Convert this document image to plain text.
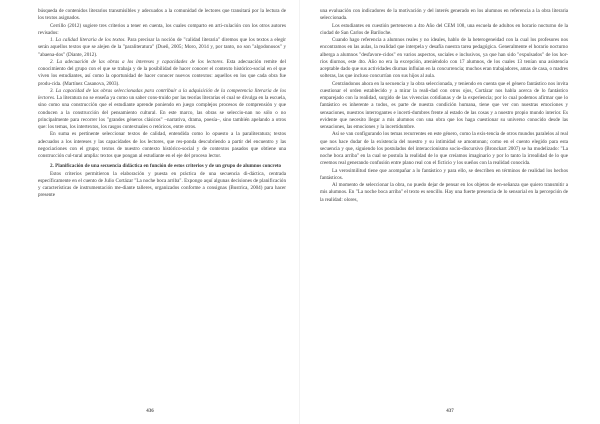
búsqueda de contenidos literarios transmisibles y adecuados a la comunidad de lectores que transitará por la lectura de los textos asignados.

Cerrillo (2012) sugiere tres criterios a tener en cuenta, los cuales comparto en arti-culación con los otros autores revisados:

1. La calidad literaria de los textos. Para precisar la noción de "calidad literaria" diremos que los textos a elegir serán aquellos textos que se alejen de la "paraliteratura" (Dueñ, 2005; Moro, 2014 y, por tanto, no son "algodonosos" y "abaena-dos" (Diante, 2012).

2. La adecuación de las obras a los intereses y capacidades de los lectores. Esta adecuación remite del conocimiento del grupo con el que se trabaja y de la posibilidad de hacer conocer el contexto histórico-social en el que viven los estudiantes, así como la oportunidad de hacer conocer nuevos contextos: aquellos en los que cada obra fue produ-cida. (Martínez Casanova, 2003).

3. La capacidad de las obras seleccionadas para contribuir a la adquisición de la competencia literaria de los lectores. La literatura no se enseña ya como un saber cons-truido por las teorías literarias el cual se divulga en la escuela, sino como una construcción que el estudiante aprende poniendo en juego complejos procesos de comprensión y que conducen a la construcción del pensamiento cultural. En este marco, las obras se seleccio-nan no sólo o no principalmente para recorrer los "grandes géneros clásicos" –narrativa, drama, poesía–, sino también apelando a otros que: los temas, los intertextos, los rasgos contextuales o retóricos, entre otros.

En suma es pertinente seleccionar textos de calidad, entendida como lo opuesto a la paraliteratura; textos adecuados a los intereses y las capacidades de los lectores, que res-ponda descubriendo a partir del encuentro y las negociaciones con el grupo; textos de nuestro contexto histórico-social y de contextos pasados que obtiene una construcción cul-tural amplia: textos que pongan al estudiante en el eje del proceso lector.

2. Planificación de una secuencia didáctica en función de estos criterios y de un grupo de alumnos concreto

Estos criterios permitieron la elaboración y puesta en práctica de una secuencia di-dáctica, centrada específicamente en el cuento de Julio Cortázar "La noche boca arriba". Expongo aquí algunas decisiones de planificación y características de instrumentación me-diante talleres, organizados conforme a consignas (Bustrica, 2004) para hacer presente

436

una evaluación con indicadores de la motivación y del interés generado en los alumnos en referencia a la obra literaria seleccionada.

Los estudiantes en cuestión pertenecen a 4to Año del CEM 108, una escuela de adultos en horario nocturno de la ciudad de San Carlos de Bariloche.

Cuando hago referencia a alumnos reales y no ideales, hablo de la heterogeneidad con la cual los profesores nos encontramos en las aulas, la realidad que interpela y desafía nuestra tarea pedagógica. Generalmente el horario nocturno alberga a alumnos "desfavore-cidos" en varios aspectos, sociales e inclusivos, ya que han sido "expulsados" de los hor-rios diurnos, este 4to. Año no era la excepción, ateniéndolo con 17 alumnos, de los cuales 13 tenían una asistencia aceptable dado que sus actividades diurnas influían en la concurrencia; muchos eran trabajadores, amas de casa, o madres solteras, las que incluso concurrían con sus hijos al aula.

Centrándonos ahora en la secuencia y la obra seleccionada, y teniendo en cuenta que el género fantástico nos invita cuestionar el orden establecido y a mirar la reali-dad con otros ojos, Cortázar nos habla acerca de lo fantástico emparejado con la realidad, surgido de las vivencias cotidianas y de la experiencia; por lo cual podemos afirmar que lo fantástico es inherente a todos, es parte de nuestra condición humana, tiene que ver con nuestras emociones y sensaciones, nuestros interrogantes e incerti-dumbres frente al estado de las cosas y a nuestro propio mundo interior. Es evidente que necesito llegar a mis alumnos con una obra que los haga cuestionar su universo conocido desde las sensaciones, las emociones y la incertidumbre.

Así se van configurando los temas recurrentes en este género, como la exis-tencia de otros mundos paralelos al real que nos hace dudar de la existencia del nuestro y su intimidad se amontonan; como en el cuento elegido para esta secuencia y que, siguiendo los postulados del interaccionismo socio-discursivo (Bronckart 2007) se ha modelizado: "La noche boca arriba" en la cual se postula la realidad de lo que creíamos imaginario y por lo tanto la irrealidad de lo que creemos real generando confusión entre plano real con el ficticio y los sueños con la realidad conocida.

La verosimilitud tiene que acompañar a lo fantástico y para ello, se describen en términos de realidad los hechos fantásticos.

Al momento de seleccionar la obra, no puedo dejar de pensar en los objetos de en-señanza que quiero transmitir a mis alumnos. En "La noche boca arriba" el texto es sencillo. Hay una fuerte presencia de lo sensorial en la percepción de la realidad: olores,

437
